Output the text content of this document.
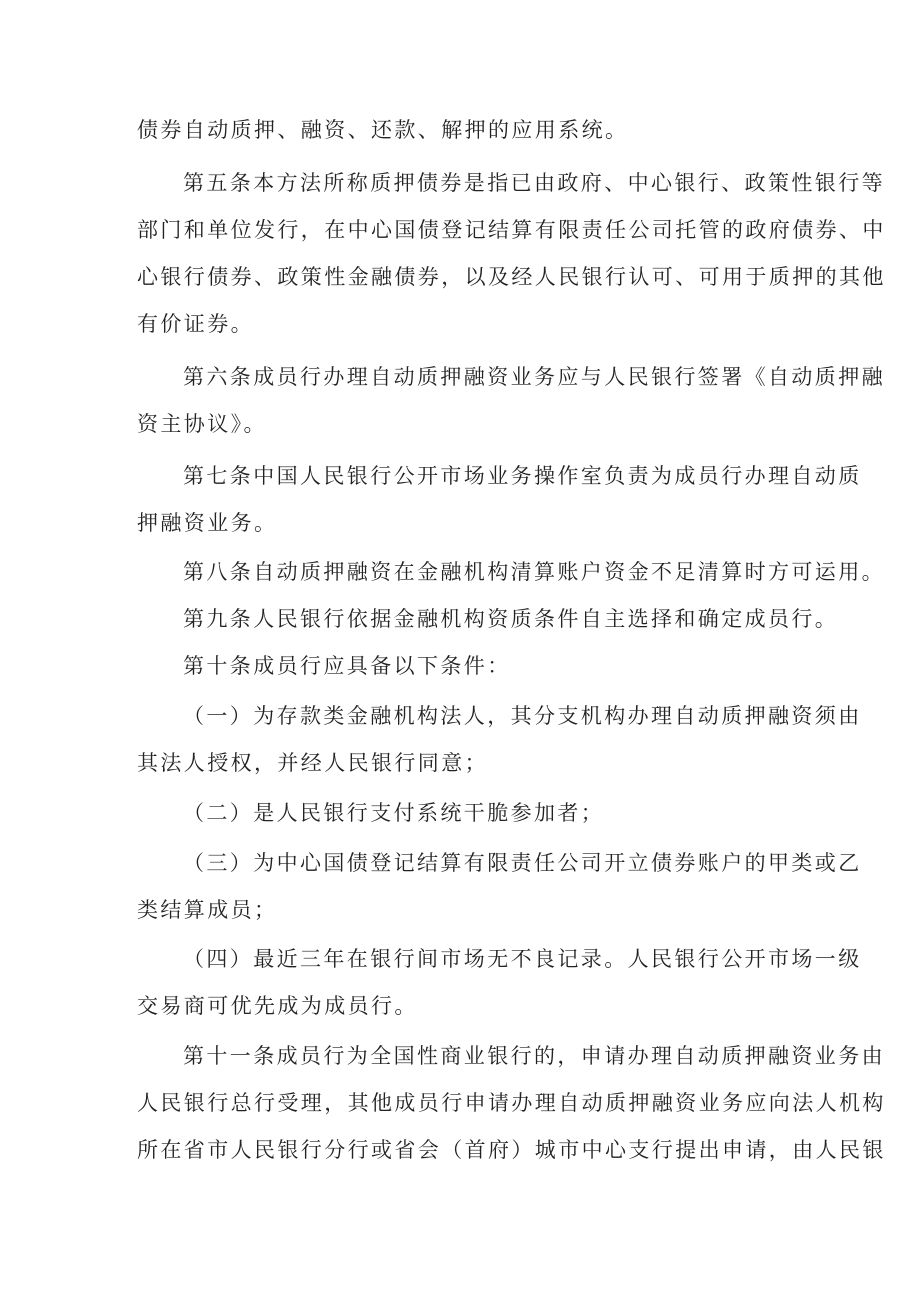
债券自动质押、融资、还款、解押的应用系统。
第五条本方法所称质押债券是指已由政府、中心银行、政策性银行等
部门和单位发行，在中心国债登记结算有限责任公司托管的政府债券、中
心银行债券、政策性金融债券，以及经人民银行认可、可用于质押的其他
有价证券。
第六条成员行办理自动质押融资业务应与人民银行签署《自动质押融
资主协议》。
第七条中国人民银行公开市场业务操作室负责为成员行办理自动质
押融资业务。
第八条自动质押融资在金融机构清算账户资金不足清算时方可运用。
第九条人民银行依据金融机构资质条件自主选择和确定成员行。
第十条成员行应具备以下条件：
（一）为存款类金融机构法人，其分支机构办理自动质押融资须由
其法人授权，并经人民银行同意；
（二）是人民银行支付系统干脆参加者；
（三）为中心国债登记结算有限责任公司开立债券账户的甲类或乙
类结算成员；
（四）最近三年在银行间市场无不良记录。人民银行公开市场一级
交易商可优先成为成员行。
第十一条成员行为全国性商业银行的，申请办理自动质押融资业务由
人民银行总行受理，其他成员行申请办理自动质押融资业务应向法人机构
所在省市人民银行分行或省会（首府）城市中心支行提出申请，由人民银
